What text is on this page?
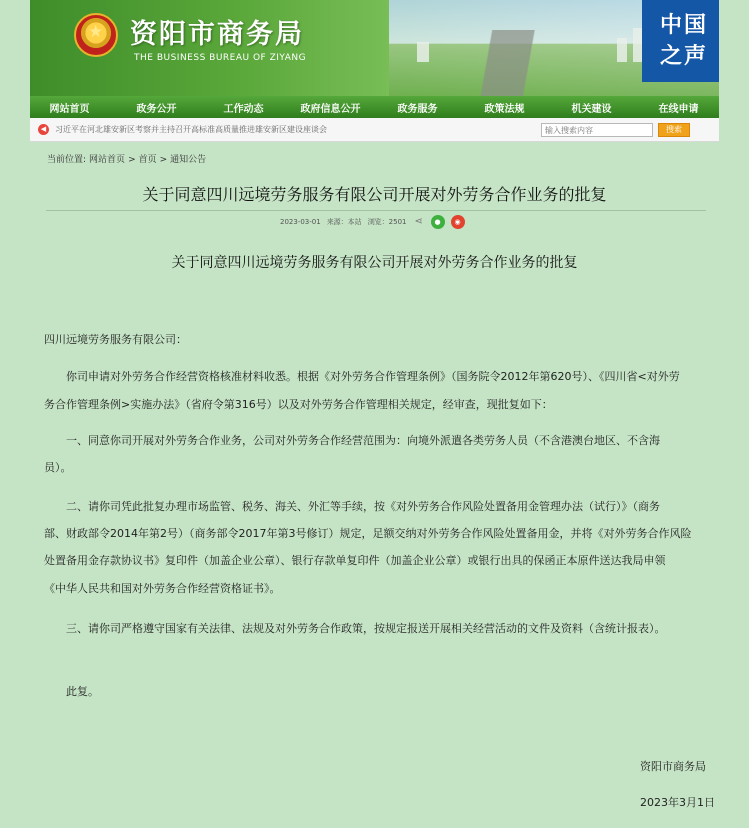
★ 资阳市商务局
THE BUSINESS BUREAU OF ZIYANG
中国
之声
网站首页	政务公开	工作动态	政府信息公开	政务服务	政策法规	机关建设	在线申请
◀	习近平在河北雄安新区考察并主持召开高标准高质量推进雄安新区建设座谈会
输入搜索内容	搜索
当前位置: 网站首页 > 首页 > 通知公告
关于同意四川远境劳务服务有限公司开展对外劳务合作业务的批复
2023-03-01 来源：本站 浏览：2501 ⋖	●	◉
关于同意四川远境劳务服务有限公司开展对外劳务合作业务的批复
四川远境劳务服务有限公司：
你司申请对外劳务合作经营资格核准材料收悉。根据《对外劳务合作管理条例》（国务院令2012年第620号）、《四川省<对外劳
务合作管理条例>实施办法》（省府令第316号）以及对外劳务合作管理相关规定，经审查，现批复如下：
一、同意你司开展对外劳务合作业务，公司对外劳务合作经营范围为：向境外派遣各类劳务人员（不含港澳台地区、不含海
员）。
二、请你司凭此批复办理市场监管、税务、海关、外汇等手续，按《对外劳务合作风险处置备用金管理办法（试行）》（商务
部、财政部令2014年第2号）（商务部令2017年第3号修订）规定，足额交纳对外劳务合作风险处置备用金，并将《对外劳务合作风险
处置备用金存款协议书》复印件（加盖企业公章）、银行存款单复印件（加盖企业公章）或银行出具的保函正本原件送达我局申领
《中华人民共和国对外劳务合作经营资格证书》。
三、请你司严格遵守国家有关法律、法规及对外劳务合作政策，按规定报送开展相关经营活动的文件及资料（含统计报表）。
此复。
资阳市商务局
2023年3月1日
